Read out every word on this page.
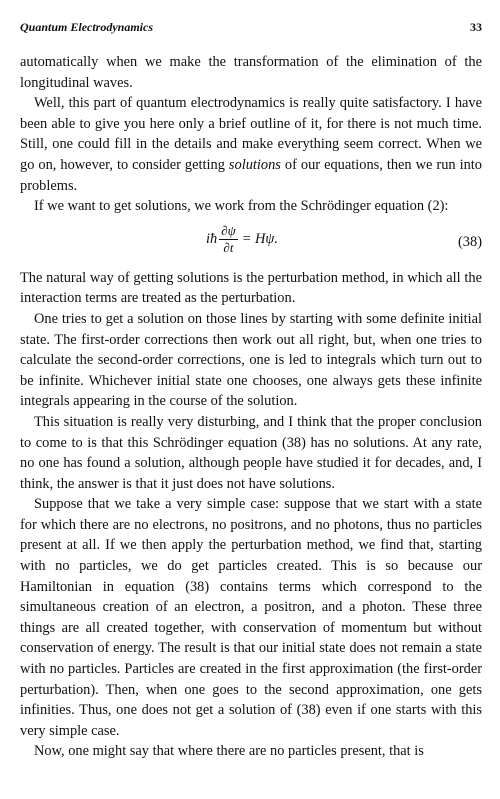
Quantum Electrodynamics	33

automatically when we make the transformation of the elimination of the longitudinal waves.

Well, this part of quantum electrodynamics is really quite satisfactory. I have been able to give you here only a brief outline of it, for there is not much time. Still, one could fill in the details and make everything seem correct. When we go on, however, to consider getting solutions of our equations, then we run into problems.

If we want to get solutions, we work from the Schrödinger equation (2):

iħ $\frac{\partial\psi}{\partial t} = H\psi$.	(38)

The natural way of getting solutions is the perturbation method, in which all the interaction terms are treated as the perturbation.

One tries to get a solution on those lines by starting with some definite initial state. The first-order corrections then work out all right, but, when one tries to calculate the second-order corrections, one is led to integrals which turn out to be infinite. Whichever initial state one chooses, one always gets these infinite integrals appearing in the course of the solution.

This situation is really very disturbing, and I think that the proper conclusion to come to is that this Schrödinger equation (38) has no solutions. At any rate, no one has found a solution, although people have studied it for decades, and, I think, the answer is that it just does not have solutions.

Suppose that we take a very simple case: suppose that we start with a state for which there are no electrons, no positrons, and no photons, thus no particles present at all. If we then apply the perturbation method, we find that, starting with no particles, we do get particles created. This is so because our Hamiltonian in equation (38) contains terms which correspond to the simultaneous creation of an electron, a positron, and a photon. These three things are all created together, with conservation of momentum but without conservation of energy. The result is that our initial state does not remain a state with no particles. Particles are created in the first approximation (the first-order perturbation). Then, when one goes to the second approximation, one gets infinities. Thus, one does not get a solution of (38) even if one starts with this very simple case.

Now, one might say that where there are no particles present, that is
